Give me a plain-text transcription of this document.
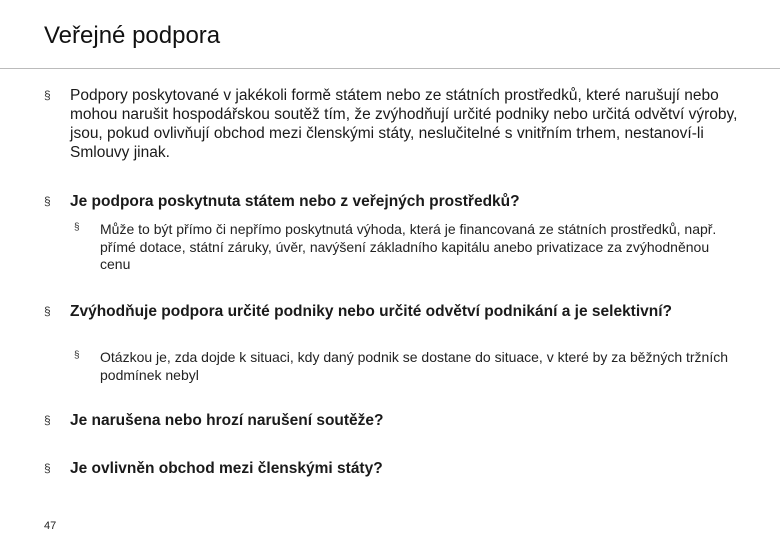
Veřejné podpora
§ Podpory poskytované v jakékoli formě státem nebo ze státních prostředků, které narušují nebo mohou narušit hospodářskou soutěž tím, že zvýhodňují určité podniky nebo určitá odvětví výroby, jsou, pokud ovlivňují obchod mezi členskými státy, neslučitelné s vnitřním trhem, nestanoví-li Smlouvy jinak.
§ Je podpora poskytnuta státem nebo z veřejných prostředků?
§ Může to být přímo či nepřímo poskytnutá výhoda, která je financovaná ze státních prostředků, např. přímé dotace, státní záruky, úvěr, navýšení základního kapitálu anebo privatizace za zvýhodněnou cenu
§ Zvýhodňuje podpora určité podniky nebo určité odvětví podnikání a je selektivní?
§ Otázkou je, zda dojde k situaci, kdy daný podnik se dostane do situace, v které by za běžných tržních podmínek nebyl
§ Je narušena nebo hrozí narušení soutěže?
§ Je ovlivněn obchod mezi členskými státy?
47
